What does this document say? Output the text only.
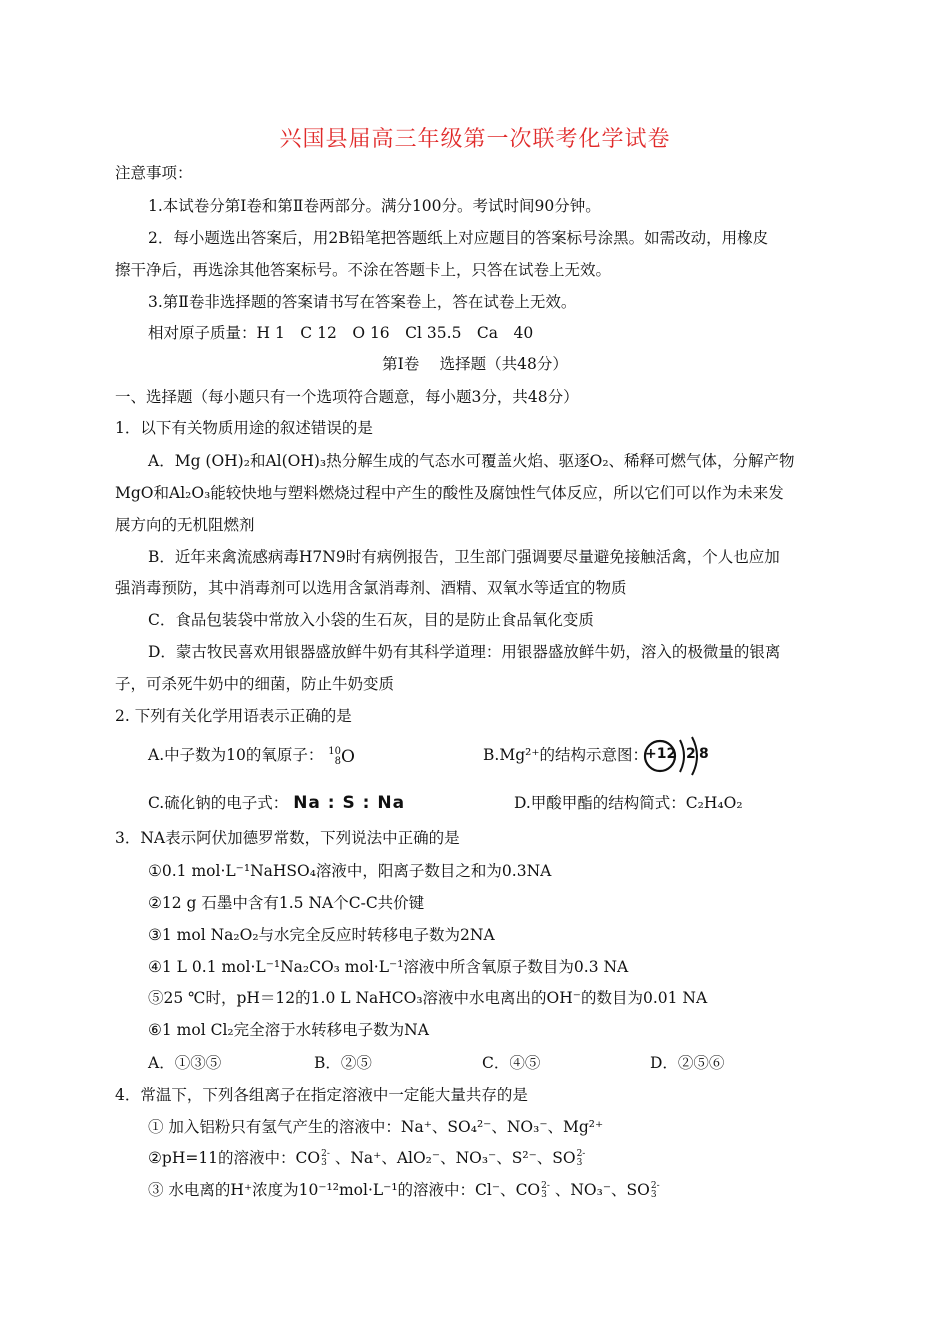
兴国县届高三年级第一次联考化学试卷
注意事项：
1.本试卷分第Ⅰ卷和第Ⅱ卷两部分。满分100分。考试时间90分钟。
2．每小题选出答案后，用2B铅笔把答题纸上对应题目的答案标号涂黑。如需改动，用橡皮
擦干净后，再选涂其他答案标号。不涂在答题卡上，只答在试卷上无效。
3.第Ⅱ卷非选择题的答案请书写在答案卷上，答在试卷上无效。
相对原子质量：H 1　C 12　O 16　Cl 35.5　Ca　40
第Ⅰ卷　 选择题（共48分）
一、选择题（每小题只有一个选项符合题意，每小题3分，共48分）
1．以下有关物质用途的叙述错误的是
A．Mg (OH)₂和Al(OH)₃热分解生成的气态水可覆盖火焰、驱逐O₂、稀释可燃气体，分解产物
MgO和Al₂O₃能较快地与塑料燃烧过程中产生的酸性及腐蚀性气体反应，所以它们可以作为未来发
展方向的无机阻燃剂
B．近年来禽流感病毒H7N9时有病例报告，卫生部门强调要尽量避免接触活禽，个人也应加
强消毒预防，其中消毒剂可以选用含氯消毒剂、酒精、双氧水等适宜的物质
C．食品包装袋中常放入小袋的生石灰，目的是防止食品氧化变质
D．蒙古牧民喜欢用银器盛放鲜牛奶有其科学道理：用银器盛放鲜牛奶，溶入的极微量的银离
子，可杀死牛奶中的细菌，防止牛奶变质
2. 下列有关化学用语表示正确的是
A.中子数为10的氧原子： 10
8 O	B.Mg²⁺的结构示意图：
+12 2 8
C.硫化钠的电子式： Na : S : Na	D.甲酸甲酯的结构简式：C₂H₄O₂
3．NA表示阿伏加德罗常数，下列说法中正确的是
①0.1 mol·L⁻¹NaHSO₄溶液中，阳离子数目之和为0.3NA
②12 g 石墨中含有1.5 NA个C-C共价键
③1 mol Na₂O₂与水完全反应时转移电子数为2NA
④1 L 0.1 mol·L⁻¹Na₂CO₃ mol·L⁻¹溶液中所含氧原子数目为0.3 NA
⑤25 ℃时，pH＝12的1.0 L NaHCO₃溶液中水电离出的OH⁻的数目为0.01 NA
⑥1 mol Cl₂完全溶于水转移电子数为NA
A．①③⑤	B．②⑤	C．④⑤	D．②⑤⑥
4．常温下，下列各组离子在指定溶液中一定能大量共存的是
① 加入铝粉只有氢气产生的溶液中：Na⁺、SO₄²⁻、NO₃⁻、Mg²⁺
②pH=11的溶液中：CO 2-
3 、Na⁺、AlO₂⁻、NO₃⁻、S²⁻、SO 2-
3
③ 水电离的H⁺浓度为10⁻¹²mol·L⁻¹的溶液中：Cl⁻、CO 2-
3 、NO₃⁻、SO 2-
3
